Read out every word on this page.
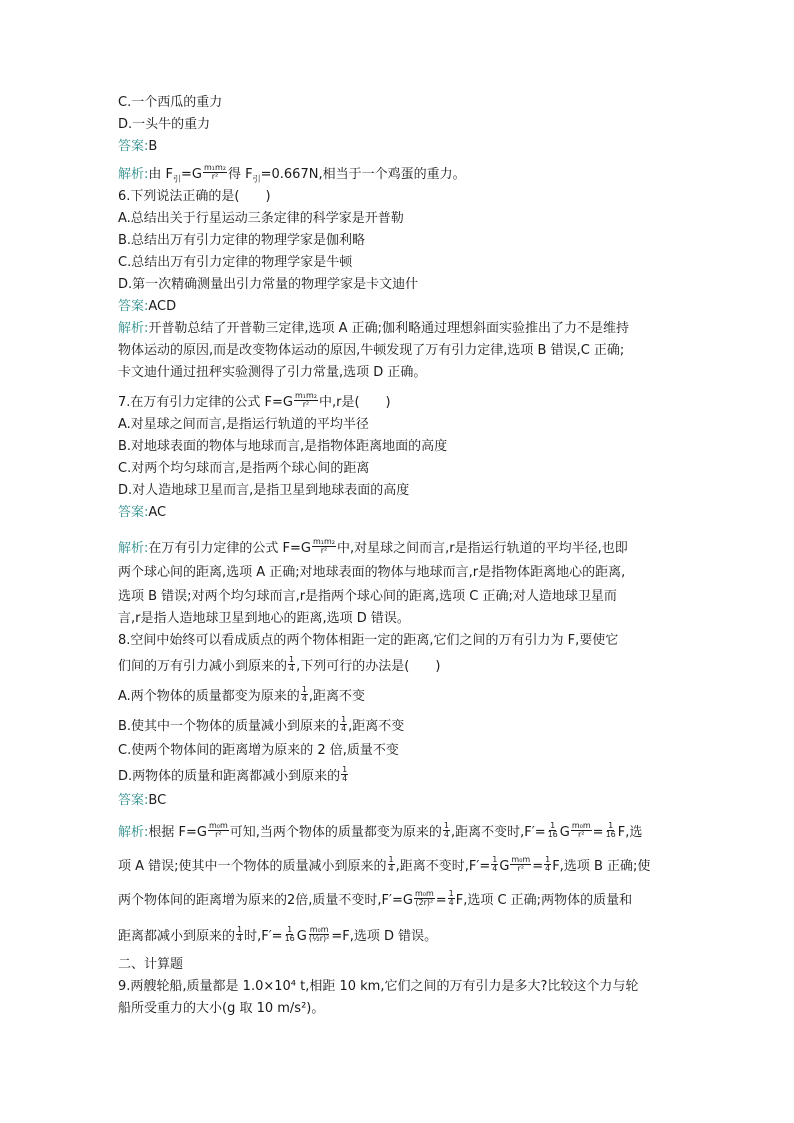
C.一个西瓜的重力
D.一头牛的重力
答案:B
解析:由 $F_引=G \frac{\text{m₁m₂}}{\text{r²}}$ 得 $F_引=0.667N$,相当于一个鸡蛋的重力。
6.下列说法正确的是(　　)
A.总结出关于行星运动三条定律的科学家是开普勒
B.总结出万有引力定律的物理学家是伽利略
C.总结出万有引力定律的物理学家是牛顿
D.第一次精确测量出引力常量的物理学家是卡文迪什
答案:ACD
解析:开普勒总结了开普勒三定律,选项 A 正确;伽利略通过理想斜面实验推出了力不是维持
物体运动的原因,而是改变物体运动的原因,牛顿发现了万有引力定律,选项 B 错误,C 正确;
卡文迪什通过扭秤实验测得了引力常量,选项 D 正确。
7.在万有引力定律的公式 $F=G \frac{\text{m₁m₂}}{\text{r²}}$ 中,r是(　　)
A.对星球之间而言,是指运行轨道的平均半径
B.对地球表面的物体与地球而言,是指物体距离地面的高度
C.对两个均匀球而言,是指两个球心间的距离
D.对人造地球卫星而言,是指卫星到地球表面的高度
答案:AC
解析:在万有引力定律的公式 $F=G \frac{\text{m₁m₂}}{\text{r²}}$ 中,对星球之间而言,r是指运行轨道的平均半径,也即
两个球心间的距离,选项 A 正确;对地球表面的物体与地球而言,r是指物体距离地心的距离,
选项 B 错误;对两个均匀球而言,r是指两个球心间的距离,选项 C 正确;对人造地球卫星而
言,r是指人造地球卫星到地心的距离,选项 D 错误。
8.空间中始终可以看成质点的两个物体相距一定的距离,它们之间的万有引力为 F,要使它
们间的万有引力减小到原来的 $\frac{1}{4}$ ,下列可行的办法是(　　)
A.两个物体的质量都变为原来的 $\frac{1}{4}$ ,距离不变
B.使其中一个物体的质量减小到原来的 $\frac{1}{4}$ ,距离不变
C.使两个物体间的距离增为原来的 2 倍,质量不变
D.两物体的质量和距离都减小到原来的 $\frac{1}{4}$
答案:BC
解析:根据 $F=G \frac{\text{m₀m}}{\text{r²}}$ 可知,当两个物体的质量都变为原来的 $\frac{1}{4}$ ,距离不变时$,F'= \frac{1}{16}$ G $\frac{\text{m₀m}}{\text{r²}} = \frac{1}{16} F$,选
项 A 错误;使其中一个物体的质量减小到原来的 $\frac{1}{4}$ ,距离不变时$,F'= \frac{1}{4}$ G $\frac{\text{m₀m}}{\text{r²}} = \frac{1}{4} F$,选项 B 正确;使
两个物体间的距离增为原来的2倍,质量不变时$,F'=G \frac{\text{m₀m}}{\text{(2r)²}} = \frac{1}{4} F$,选项 C 正确;两物体的质量和
距离都减小到原来的 $\frac{1}{4}$ 时$,F'= \frac{1}{16}$ G $\frac{\text{m₀m}}{\text{(½r)²}} =F$,选项 D 错误。
二、计算题
9.两艘轮船,质量都是 1.0×10⁴ t,相距 10 km,它们之间的万有引力是多大?比较这个力与轮
船所受重力的大小(g 取 10 m/s²)。
